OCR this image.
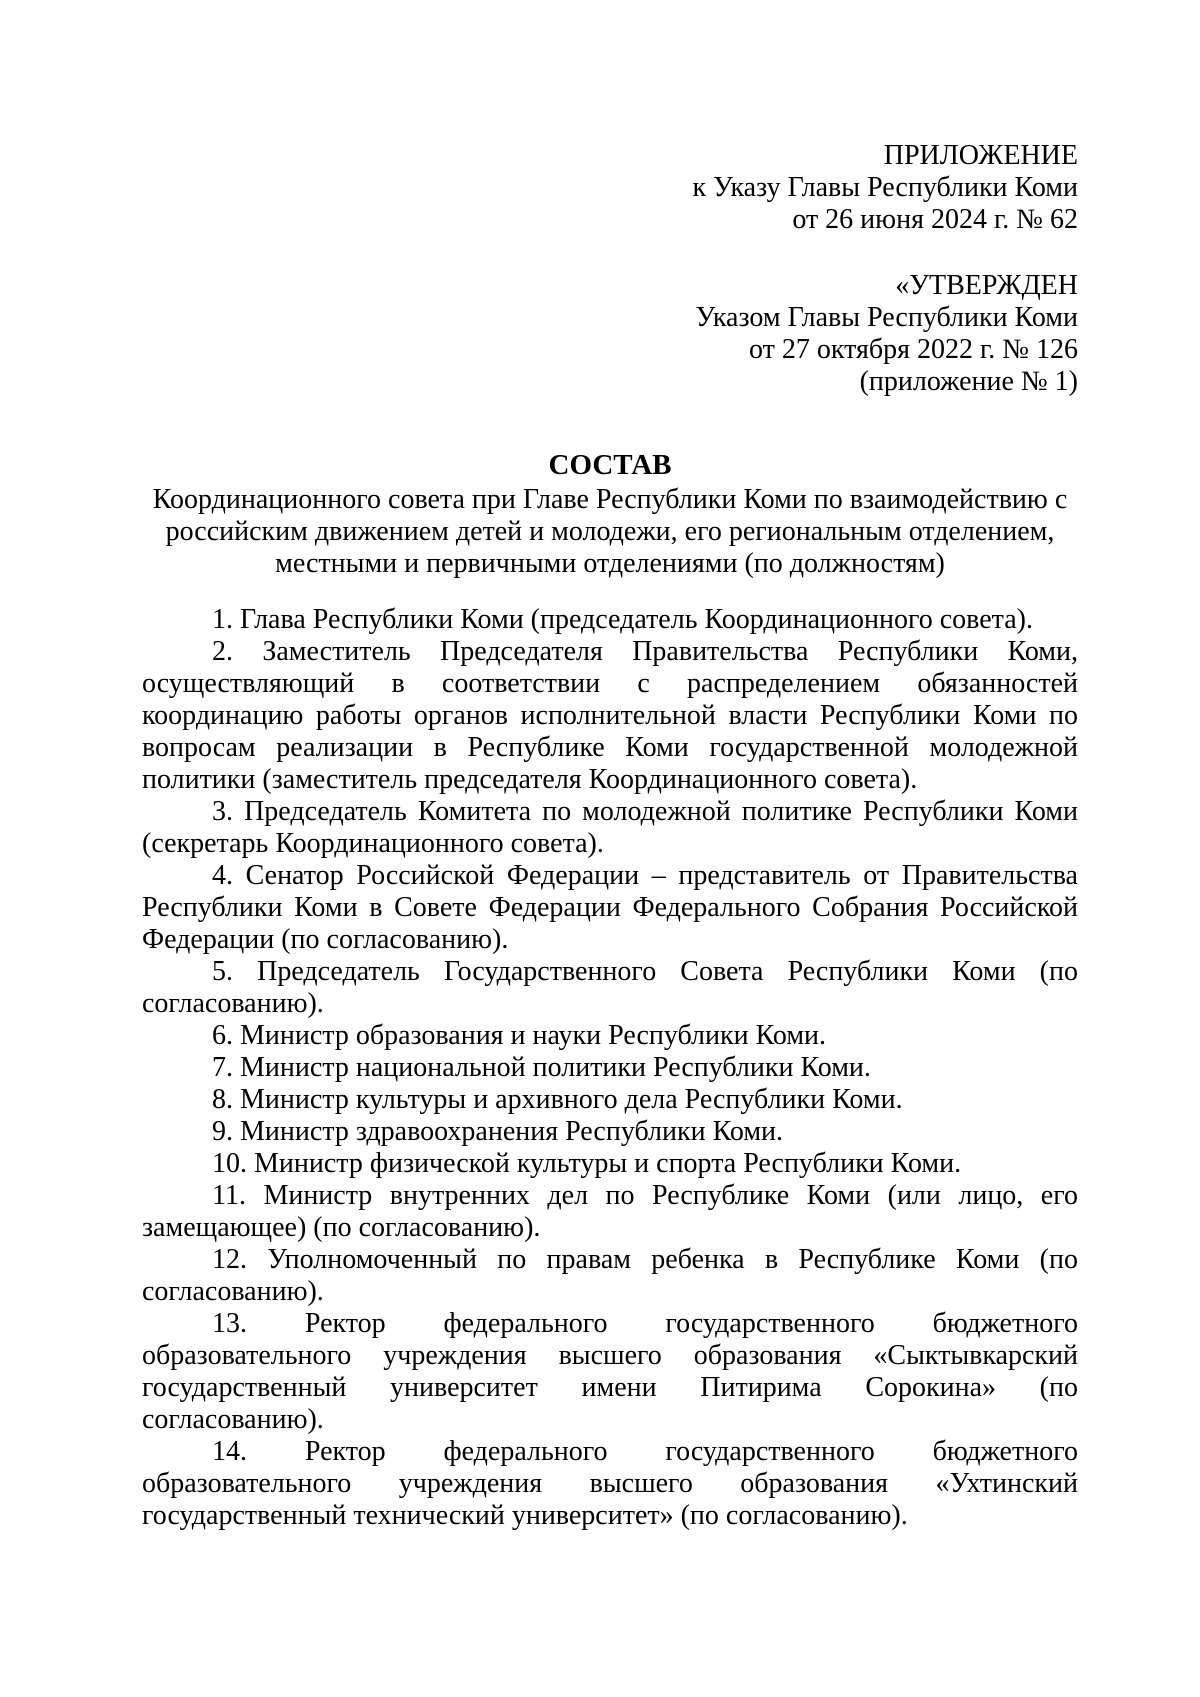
ПРИЛОЖЕНИЕ
к Указу Главы Республики Коми
от 26 июня 2024 г. № 62
«УТВЕРЖДЕН
Указом Главы Республики Коми
от 27 октября 2022 г. № 126
(приложение № 1)
СОСТАВ

Координационного совета при Главе Республики Коми по взаимодействию с российским движением детей и молодежи, его региональным отделением, местными и первичными отделениями (по должностям)

1. Глава Республики Коми (председатель Координационного совета).

2. Заместитель Председателя Правительства Республики Коми, осуществляющий в соответствии с распределением обязанностей координацию работы органов исполнительной власти Республики Коми по вопросам реализации в Республике Коми государственной молодежной политики (заместитель председателя Координационного совета).

3. Председатель Комитета по молодежной политике Республики Коми (секретарь Координационного совета).

4. Сенатор Российской Федерации – представитель от Правительства Республики Коми в Совете Федерации Федерального Собрания Российской Федерации (по согласованию).

5. Председатель Государственного Совета Республики Коми (по согласованию).

6. Министр образования и науки Республики Коми.

7. Министр национальной политики Республики Коми.

8. Министр культуры и архивного дела Республики Коми.

9. Министр здравоохранения Республики Коми.

10. Министр физической культуры и спорта Республики Коми.

11. Министр внутренних дел по Республике Коми (или лицо, его замещающее) (по согласованию).

12. Уполномоченный по правам ребенка в Республике Коми (по согласованию).

13. Ректор федерального государственного бюджетного образовательного учреждения высшего образования «Сыктывкарский государственный университет имени Питирима Сорокина» (по согласованию).

14. Ректор федерального государственного бюджетного образовательного учреждения высшего образования «Ухтинский государственный технический университет» (по согласованию).
